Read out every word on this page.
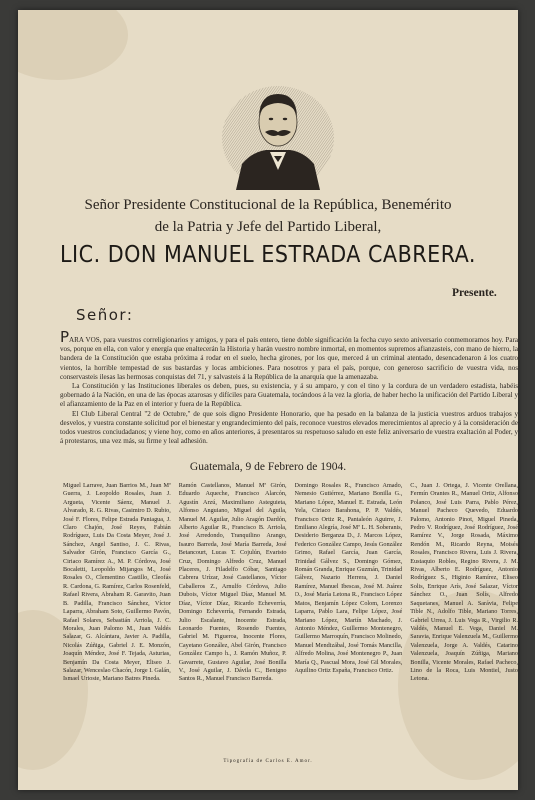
Señor Presidente Constitucional de la República, Benemérito
de la Patria y Jefe del Partido Liberal,
LIC. DON MANUEL ESTRADA CABRERA.
Presente.
Señor:

PARA VOS, para vuestros correligionarios y amigos, y para el país entero, tiene doble significación la fecha cuyo sexto aniversario conmemoramos hoy. Para vos, porque en ella, con valor y energía que enaltecerán la Historia y harán vuestro nombre inmortal, en momentos supremos afianzasteis, con mano de hierro, la bandera de la Constitución que estaba próxima á rodar en el suelo, hecha girones, por los que, merced á un criminal atentado, desencadenaron á los cuatro vientos, la horrible tempestad de sus bastardas y locas ambiciones. Para nosotros y para el país, porque, con generoso sacrificio de vuestra vida, nos conservasteis ilesas las hermosas conquistas del 71, y salvasteis á la República de la anarquía que la amenazaba.

La Constitución y las Instituciones liberales os deben, pues, su existencia, y á su amparo, y con el tino y la cordura de un verdadero estadista, habéis gobernado á la Nación, en una de las épocas azarosas y difíciles para Guatemala, tocándoos á la vez la gloria, de haber hecho la unificación del Partido Liberal y el afianzamiento de la Paz en el interior y fuera de la República.

El Club Liberal Central "2 de Octubre," de que sois digno Presidente Honorario, que ha pesado en la balanza de la justicia vuestros arduos trabajos y desvelos, y vuestra constante solicitud por el bienestar y engrandecimiento del país, reconoce vuestros elevados merecimientos al aprecio y á la consideración de todos vuestros conciudadanos; y viene hoy, como en años anteriores, á presentaros su respetuoso saludo en este feliz aniversario de vuestra exaltación al Poder, y á protestaros, una vez más, su firme y leal adhesión.

Guatemala, 9 de Febrero de 1904.
Miguel Larrave, Juan Barrios M., Juan Mª Guerra, J. Leopoldo Rosales, Juan J. Argueta, Vicente Sáenz, Manuel J. Alvarado, R. G. Rivas, Casimiro D. Rubio, José F. Flores, Felipe Estrada Paniagua, J. Claro Chajón, José Reyes, Fabián Rodríguez, Luis Da Costa Meyer, José J. Sánchez, Angel Santiso, J. C. Rivas, Salvador Girón, Francisco García G., Ciriaco Ramírez A., M. P. Córdova, José Bocaletti, Leopoldo Mijangos M., José Rosales O., Clementino Castillo, Cleofás R. Cardona, G. Ramírez, Carlos Rosenfeld, Rafael Rivera, Abraham R. Garavito, Juan B. Padilla, Francisco Sánchez, Víctor Laparra, Abraham Soto, Guillermo Pavón, Rafael Solares, Sebastián Arriola, J. C. Morales, Juan Palomo M., Juan Valdés Salazar, G. Alcántara, Javier A. Padilla, Nicolás Zúñiga, Gabriel J. E. Monzón, Joaquín Méndez, José F. Tejada, Asturias, Benjamín Da Costa Meyer, Eliseo J. Salazar, Wenceslao Chacón, Jorge I. Galán, Ismael Urioste, Mariano Batres Pineda.
Ramón Castellanos, Manuel Mª Girón, Eduardo Aqueche, Francisco Alarcón, Agustín Arzú, Maximiliano Asteguieta, Alfonso Anguiano, Miguel del Aguila, Manuel M. Aguilar, Julio Aragón Dardón, Alberto Aguilar R., Francisco B. Arriola, José Arredondo, Tranquilino Arango, Isauro Barreda, José María Barreda, José Betancourt, Lucas T. Cojulún, Evaristo Cruz, Domingo Alfredo Cruz, Manuel Placeres, J. Filadelfo Cóbar, Santiago Cabrera Urízar, José Castellanos, Víctor Caballeros Z., Arnulfo Córdova, Julio Dubois, Víctor Miguel Díaz, Manuel M. Díaz, Víctor Díaz, Ricardo Echeverría, Domingo Echeverría, Fernando Estrada, Julio Escalante, Inocente Estrada, Leonardo Fuentes, Rosendo Fuentes, Gabriel M. Figueroa, Inocente Flores, Cayetano González, Abel Girón, Francisco González Campo h., J. Ramón Muñoz, P. Gavarrete, Gustavo Aguilar, José Bonilla V., José Aguilar, J. Dávila C., Benigno Santos R., Manuel Francisco Barreda.
Domingo Rosales R., Francisco Amado, Nemesio Gutiérrez, Mariano Bonilla G., Mariano López, Manuel E. Estrada, León Yela, Ciriaco Barahona, P. P. Valdés, Francisco Ortiz R., Pantaleón Aguirre, J. Emiliano Alegría, José Mª L. H. Soberanis, Desiderio Berganza D., J. Marcos López, Federico González Campo, Jesús González Grimo, Rafael García, Juan García, Trinidad Gálvez S., Domingo Gómez, Román Granda, Enrique Guzmán, Trinidad Gálvez, Nazario Herrera, J. Daniel Ramírez, Manuel Ibescas, José M. Juárez O., José María Letona R., Francisco López Matos, Benjamín López Colom, Lorenzo Laparra, Pablo Lara, Felipe López, José Mariano López, Martín Machado, J. Antonio Méndez, Guillermo Montenegro, Guillermo Marroquín, Francisco Molinedo, Manuel Mendizábal, José Tomás Mancilla, Alfredo Molina, José Montenegro P., Juan María Q., Pascual Mora, José Gil Morales, Aquilino Ortiz España, Francisco Ortiz.
C., Juan J. Ortega, J. Vicente Orellana, Fermín Orantes R., Manuel Ortiz, Alfonso Polanco, José Luis Parra, Pablo Pérez, Manuel Pacheco Quevedo, Eduardo Palomo, Antonio Pinot, Miguel Pineda, Pedro V. Rodríguez, José Rodríguez, José Ramírez V., Jorge Rosada, Máximo Rendón M., Ricardo Reyna, Moisés Rosales, Francisco Rivera, Luis J. Rivera, Eustaquio Robles, Regino Rivera, J. M. Rivas, Alberto E. Rodríguez, Antonio Rodríguez S., Higinio Ramírez, Eliseo Solis, Enrique Arís, José Salazar, Víctor Sánchez O., Juan Solís, Alfredo Saquetanes, Manuel A. Sarávia, Felipe Tible N., Adolfo Tible, Mariano Torres, Gabriel Urrea, J. Luis Vega R., Virgilio R. Valdés, Manuel E. Vega, Daniel M. Saravia, Enrique Valenzuela M., Guillermo Valenzuela, Jorge A. Valdés, Catarino Valenzuela, Joaquín Zúñiga, Mariano Bonilla, Vicente Morales, Rafael Pacheco, Lino de la Roca, Luis Montiel, Justo Letona.
Tipografía de Carlos E. Amor.
